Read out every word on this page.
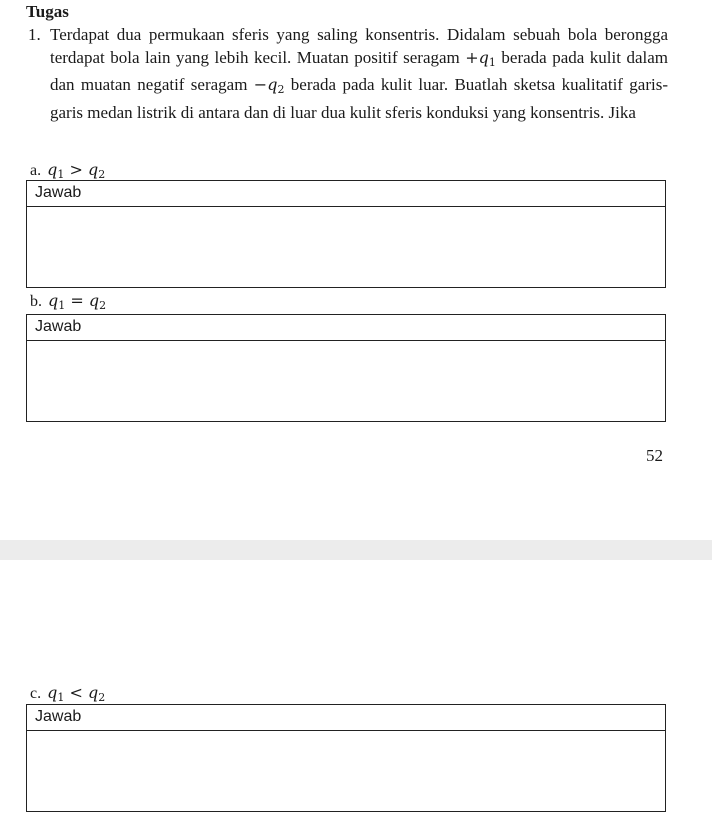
Tugas
1. Terdapat dua permukaan sferis yang saling konsentris. Didalam sebuah bola berongga terdapat bola lain yang lebih kecil. Muatan positif seragam $+q_1$ berada pada kulit dalam dan muatan negatif seragam $-q_2$ berada pada kulit luar. Buatlah sketsa kualitatif garis-garis medan listrik di antara dan di luar dua kulit sferis konduksi yang konsentris. Jika
a. $q_1 > q_2$
Jawab
b. $q_1 = q_2$
Jawab
52
c. $q_1 < q_2$
Jawab
